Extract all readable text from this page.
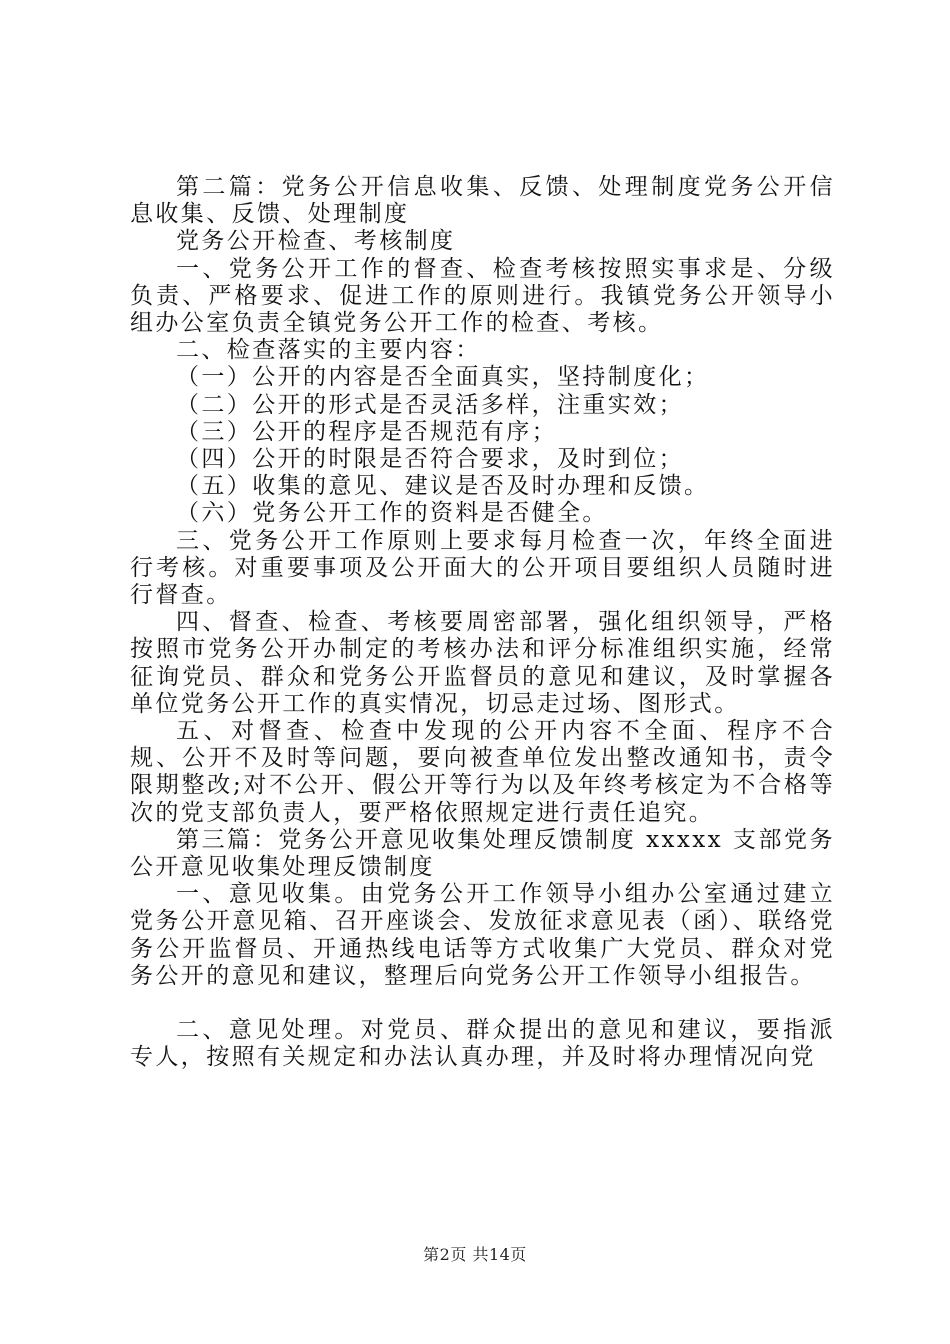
第二篇：党务公开信息收集、反馈、处理制度党务公开信息收集、反馈、处理制度

党务公开检查、考核制度

一、党务公开工作的督查、检查考核按照实事求是、分级负责、严格要求、促进工作的原则进行。我镇党务公开领导小组办公室负责全镇党务公开工作的检查、考核。

二、检查落实的主要内容：

（一）公开的内容是否全面真实，坚持制度化；

（二）公开的形式是否灵活多样，注重实效；

（三）公开的程序是否规范有序；

（四）公开的时限是否符合要求，及时到位；

（五）收集的意见、建议是否及时办理和反馈。

（六）党务公开工作的资料是否健全。

三、党务公开工作原则上要求每月检查一次，年终全面进行考核。对重要事项及公开面大的公开项目要组织人员随时进行督查。

四、督查、检查、考核要周密部署，强化组织领导，严格按照市党务公开办制定的考核办法和评分标准组织实施，经常征询党员、群众和党务公开监督员的意见和建议，及时掌握各单位党务公开工作的真实情况，切忌走过场、图形式。

五、对督查、检查中发现的公开内容不全面、程序不合规、公开不及时等问题，要向被查单位发出整改通知书，责令限期整改;对不公开、假公开等行为以及年终考核定为不合格等次的党支部负责人，要严格依照规定进行责任追究。

第三篇：党务公开意见收集处理反馈制度 xxxxx 支部党务公开意见收集处理反馈制度

一、意见收集。由党务公开工作领导小组办公室通过建立党务公开意见箱、召开座谈会、发放征求意见表（函）、联络党务公开监督员、开通热线电话等方式收集广大党员、群众对党务公开的意见和建议，整理后向党务公开工作领导小组报告。

二、意见处理。对党员、群众提出的意见和建议，要指派专人，按照有关规定和办法认真办理，并及时将办理情况向党

第2页 共14页
